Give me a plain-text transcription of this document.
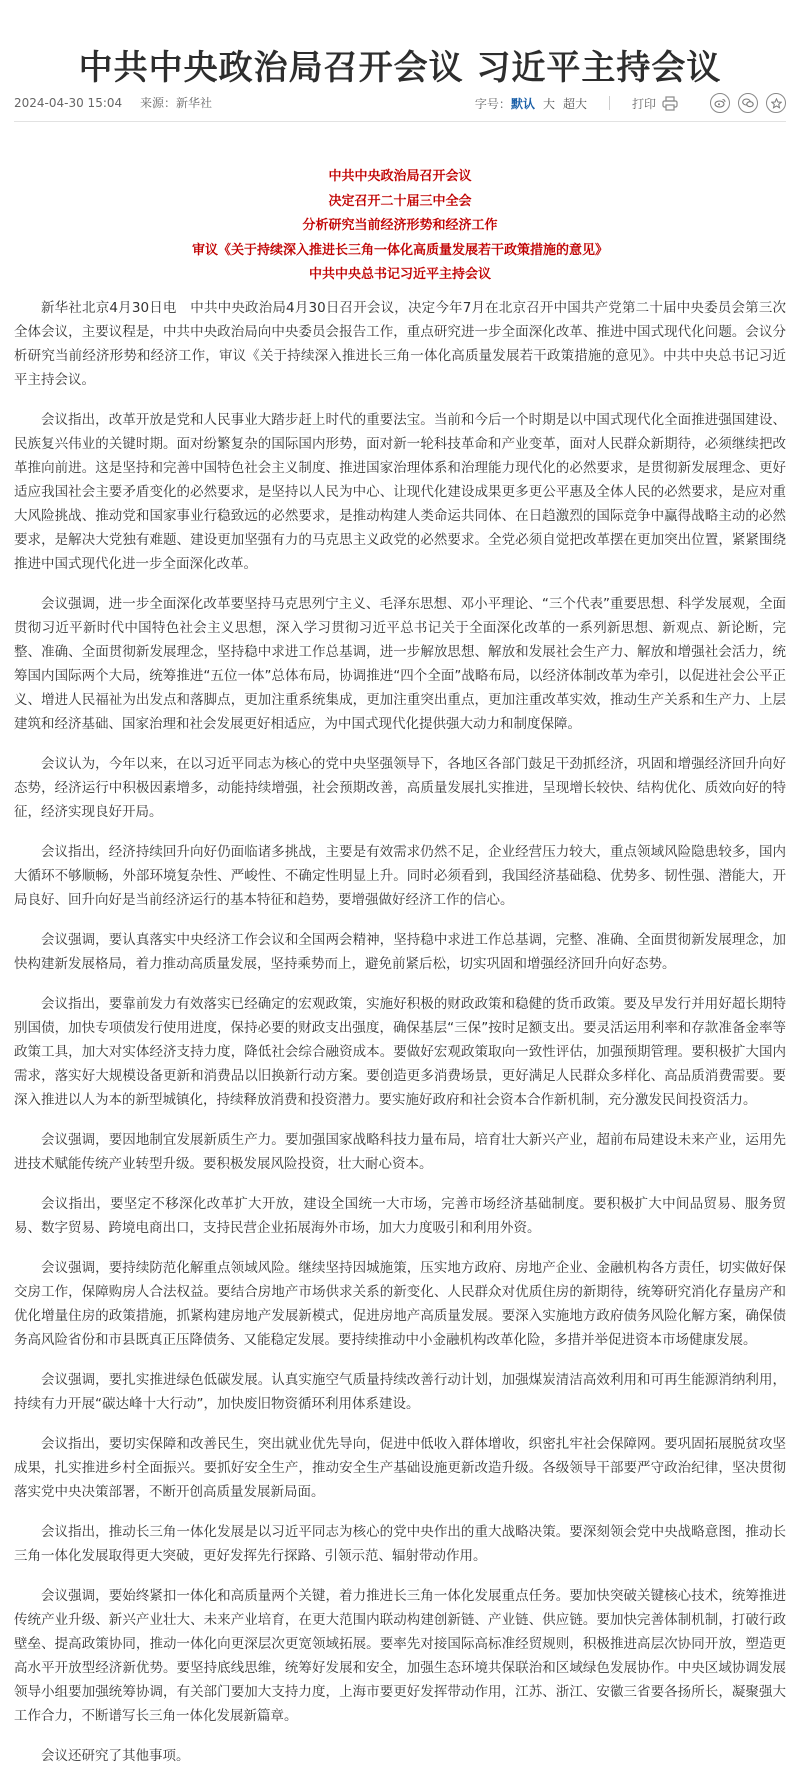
中共中央政治局召开会议 习近平主持会议
2024-04-30 15:04 来源：新华社	字号： 默认 大 超大	打印
中共中央政治局召开会议
决定召开二十届三中全会
分析研究当前经济形势和经济工作
审议《关于持续深入推进长三角一体化高质量发展若干政策措施的意见》
中共中央总书记习近平主持会议

新华社北京4月30日电　中共中央政治局4月30日召开会议，决定今年7月在北京召开中国共产党第二十届中央委员会第三次全体会议，主要议程是，中共中央政治局向中央委员会报告工作，重点研究进一步全面深化改革、推进中国式现代化问题。会议分析研究当前经济形势和经济工作，审议《关于持续深入推进长三角一体化高质量发展若干政策措施的意见》。中共中央总书记习近平主持会议。

会议指出，改革开放是党和人民事业大踏步赶上时代的重要法宝。当前和今后一个时期是以中国式现代化全面推进强国建设、民族复兴伟业的关键时期。面对纷繁复杂的国际国内形势，面对新一轮科技革命和产业变革，面对人民群众新期待，必须继续把改革推向前进。这是坚持和完善中国特色社会主义制度、推进国家治理体系和治理能力现代化的必然要求，是贯彻新发展理念、更好适应我国社会主要矛盾变化的必然要求，是坚持以人民为中心、让现代化建设成果更多更公平惠及全体人民的必然要求，是应对重大风险挑战、推动党和国家事业行稳致远的必然要求，是推动构建人类命运共同体、在日趋激烈的国际竞争中赢得战略主动的必然要求，是解决大党独有难题、建设更加坚强有力的马克思主义政党的必然要求。全党必须自觉把改革摆在更加突出位置，紧紧围绕推进中国式现代化进一步全面深化改革。

会议强调，进一步全面深化改革要坚持马克思列宁主义、毛泽东思想、邓小平理论、“三个代表”重要思想、科学发展观，全面贯彻习近平新时代中国特色社会主义思想，深入学习贯彻习近平总书记关于全面深化改革的一系列新思想、新观点、新论断，完整、准确、全面贯彻新发展理念，坚持稳中求进工作总基调，进一步解放思想、解放和发展社会生产力、解放和增强社会活力，统筹国内国际两个大局，统筹推进“五位一体”总体布局，协调推进“四个全面”战略布局，以经济体制改革为牵引，以促进社会公平正义、增进人民福祉为出发点和落脚点，更加注重系统集成，更加注重突出重点，更加注重改革实效，推动生产关系和生产力、上层建筑和经济基础、国家治理和社会发展更好相适应，为中国式现代化提供强大动力和制度保障。

会议认为，今年以来，在以习近平同志为核心的党中央坚强领导下，各地区各部门鼓足干劲抓经济，巩固和增强经济回升向好态势，经济运行中积极因素增多，动能持续增强，社会预期改善，高质量发展扎实推进，呈现增长较快、结构优化、质效向好的特征，经济实现良好开局。

会议指出，经济持续回升向好仍面临诸多挑战，主要是有效需求仍然不足，企业经营压力较大，重点领域风险隐患较多，国内大循环不够顺畅，外部环境复杂性、严峻性、不确定性明显上升。同时必须看到，我国经济基础稳、优势多、韧性强、潜能大，开局良好、回升向好是当前经济运行的基本特征和趋势，要增强做好经济工作的信心。

会议强调，要认真落实中央经济工作会议和全国两会精神，坚持稳中求进工作总基调，完整、准确、全面贯彻新发展理念，加快构建新发展格局，着力推动高质量发展，坚持乘势而上，避免前紧后松，切实巩固和增强经济回升向好态势。

会议指出，要靠前发力有效落实已经确定的宏观政策，实施好积极的财政政策和稳健的货币政策。要及早发行并用好超长期特别国债，加快专项债发行使用进度，保持必要的财政支出强度，确保基层“三保”按时足额支出。要灵活运用利率和存款准备金率等政策工具，加大对实体经济支持力度，降低社会综合融资成本。要做好宏观政策取向一致性评估，加强预期管理。要积极扩大国内需求，落实好大规模设备更新和消费品以旧换新行动方案。要创造更多消费场景，更好满足人民群众多样化、高品质消费需要。要深入推进以人为本的新型城镇化，持续释放消费和投资潜力。要实施好政府和社会资本合作新机制，充分激发民间投资活力。

会议强调，要因地制宜发展新质生产力。要加强国家战略科技力量布局，培育壮大新兴产业，超前布局建设未来产业，运用先进技术赋能传统产业转型升级。要积极发展风险投资，壮大耐心资本。

会议指出，要坚定不移深化改革扩大开放，建设全国统一大市场，完善市场经济基础制度。要积极扩大中间品贸易、服务贸易、数字贸易、跨境电商出口，支持民营企业拓展海外市场，加大力度吸引和利用外资。

会议强调，要持续防范化解重点领域风险。继续坚持因城施策，压实地方政府、房地产企业、金融机构各方责任，切实做好保交房工作，保障购房人合法权益。要结合房地产市场供求关系的新变化、人民群众对优质住房的新期待，统筹研究消化存量房产和优化增量住房的政策措施，抓紧构建房地产发展新模式，促进房地产高质量发展。要深入实施地方政府债务风险化解方案，确保债务高风险省份和市县既真正压降债务、又能稳定发展。要持续推动中小金融机构改革化险，多措并举促进资本市场健康发展。

会议强调，要扎实推进绿色低碳发展。认真实施空气质量持续改善行动计划，加强煤炭清洁高效利用和可再生能源消纳利用，持续有力开展“碳达峰十大行动”，加快废旧物资循环利用体系建设。

会议指出，要切实保障和改善民生，突出就业优先导向，促进中低收入群体增收，织密扎牢社会保障网。要巩固拓展脱贫攻坚成果，扎实推进乡村全面振兴。要抓好安全生产，推动安全生产基础设施更新改造升级。各级领导干部要严守政治纪律，坚决贯彻落实党中央决策部署，不断开创高质量发展新局面。

会议指出，推动长三角一体化发展是以习近平同志为核心的党中央作出的重大战略决策。要深刻领会党中央战略意图，推动长三角一体化发展取得更大突破，更好发挥先行探路、引领示范、辐射带动作用。

会议强调，要始终紧扣一体化和高质量两个关键，着力推进长三角一体化发展重点任务。要加快突破关键核心技术，统筹推进传统产业升级、新兴产业壮大、未来产业培育，在更大范围内联动构建创新链、产业链、供应链。要加快完善体制机制，打破行政壁垒、提高政策协同，推动一体化向更深层次更宽领域拓展。要率先对接国际高标准经贸规则，积极推进高层次协同开放，塑造更高水平开放型经济新优势。要坚持底线思维，统筹好发展和安全，加强生态环境共保联治和区域绿色发展协作。中央区域协调发展领导小组要加强统筹协调，有关部门要加大支持力度，上海市要更好发挥带动作用，江苏、浙江、安徽三省要各扬所长，凝聚强大工作合力，不断谱写长三角一体化发展新篇章。

会议还研究了其他事项。
